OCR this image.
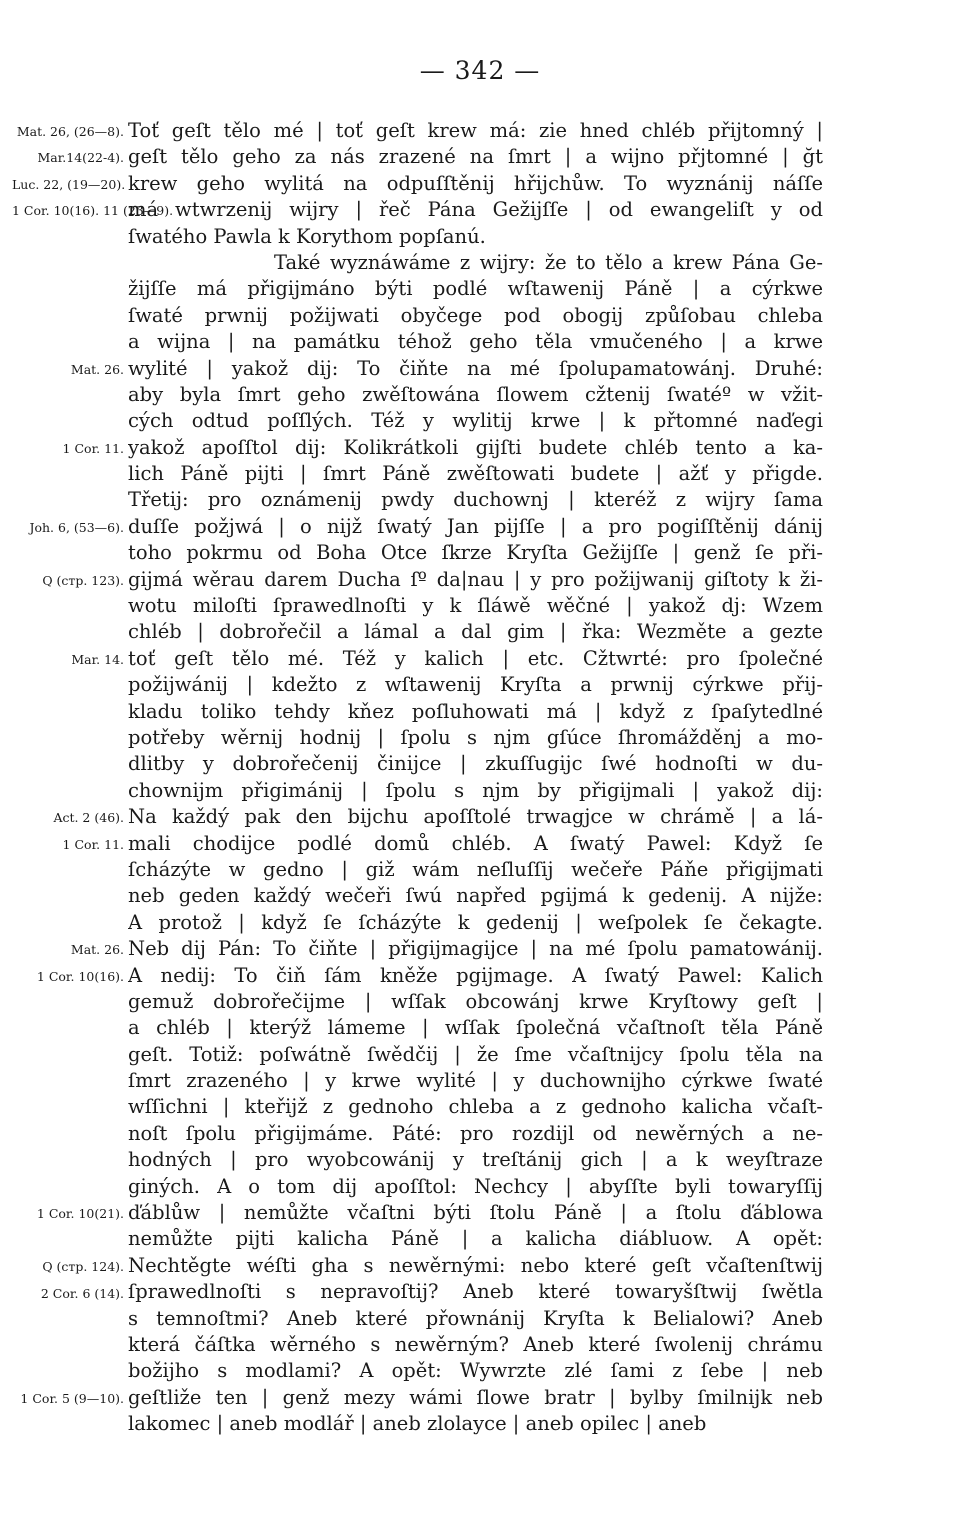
— 342 —
Toť geſt tělo mé | toť geſt krew má: zie hned chléb přijtomný |
geſt tělo geho za nás zrazené na ſmrt | a wijno přjtomné | ğt
krew geho wylitá na odpuſſtěnij hřijchůw. To wyznánij náſſe
má wtwrzenij wijry | řeč Pána Gežijſſe | od ewangeliſt y od
ſwatého Pawla k Korythom popſanú.
Také wyznáwáme z wijry: že to tělo a krew Pána Ge-
žijſſe má přigijmáno býti podlé wſtawenij Páně | a cýrkwe
ſwaté prwnij požijwati obyčege pod obogij způſobau chleba
a wijna | na památku téhož geho těla vmučeného | a krwe
wylité | yakož dij: To čiňte na mé ſpolupamatowánj. Druhé:
aby byla ſmrt geho zwěſtowána ſlowem cžtenij ſwatéº w vžit-
cých odtud poſſlých. Též y wylitij krwe | k přtomné naďegi
yakož apoſſtol dij: Kolikrátkoli gijſti budete chléb tento a ka-
lich Páně pijti | ſmrt Páně zwěſtowati budete | ažť y přigde.
Třetij: pro oznámenij pwdy duchownj | kteréž z wijry ſama
duſſe požjwá | o nijž ſwatý Jan pijſſe | a pro pogiſſtěnij dánij
toho pokrmu od Boha Otce ſkrze Kryſta Gežijſſe | genž ſe při-
gijmá wěrau darem Ducha ſº da|nau | y pro požijwanij giſtoty k ži-
wotu miloſti ſprawedlnoſti y k ſláwě wěčné | yakož dj: Wzem
chléb | dobrořečil a lámal a dal gim | řka: Wezměte a gezte
toť geſt tělo mé. Též y kalich | etc. Cžtwrté: pro ſpolečné
požijwánij | kdežto z wſtawenij Kryſta a prwnij cýrkwe přij-
kladu toliko tehdy kňez poſluhowati má | když z ſpaſytedlné
potřeby wěrnij hodnij | ſpolu s njm gſúce ſhromážděnj a mo-
dlitby y dobrořečenij činijce | zkuſſugijc ſwé hodnoſti w du-
chownijm přigimánij | ſpolu s njm by přigijmali | yakož dij:
Na každý pak den bijchu apoſſtolé trwagjce w chrámě | a lá-
mali chodijce podlé domů chléb. A ſwatý Pawel: Když ſe
ſcházýte w gedno | giž wám neſluſſij wečeře Páňe přigijmati
neb geden každý wečeři ſwú napřed pgijmá k gedenij. A nijže:
A protož | když ſe ſcházýte k gedenij | weſpolek ſe čekagte.
Neb dij Pán: To čiňte | přigijmagijce | na mé ſpolu pamatowánij.
A nedij: To čiň ſám kněže pgijmage. A ſwatý Pawel: Kalich
gemuž dobrořečijme | wſſak obcowánj krwe Kryſtowy geſt |
a chléb | kterýž lámeme | wſſak ſpolečná včaſtnoſt těla Páně
geſt. Totiž: poſwátně ſwědčij | že ſme včaſtnijcy ſpolu těla na
ſmrt zrazeného | y krwe wylité | y duchownijho cýrkwe ſwaté
wſſichni | kteřijž z gednoho chleba a z gednoho kalicha včaſt-
noſt ſpolu přigijmáme. Páté: pro rozdijl od newěrných a ne-
hodných | pro wyobcowánij y treſtánij gich | a k weyſtraze
giných. A o tom dij apoſſtol: Nechcy | abyſſte byli towaryſſij
ďáblůw | nemůžte včaſtni býti ſtolu Páně | a ſtolu ďáblowa
nemůžte pijti kalicha Páně | a kalicha diábluow. A opět:
Nechtěgte wéſti gha s newěrnými: nebo které geſt včaſtenſtwij
ſprawedlnoſti s nepravoſtij? Aneb které towaryšſtwij ſwětla
s temnoſtmi? Aneb které přownánij Kryſta k Belialowi? Aneb
která čáſtka wěrného s newěrným? Aneb které ſwolenij chrámu
božijho s modlami? A opět: Wywrzte zlé ſami z ſebe | neb
geſtliže ten | genž mezy wámi ſlowe bratr | bylby ſmilnijk neb
lakomec | aneb modlář | aneb zlolayce | aneb opilec | aneb
Mat. 26, (26—8).
Mar.14(22-4).
Luc. 22, (19—20).
1 Cor. 10(16). 11 (23—9).
Mat. 26.
1 Cor. 11.
Joh. 6, (53—6).
Q (стр. 123).
Mar. 14.
Act. 2 (46).
1 Cor. 11.
Mat. 26.
1 Cor. 10(16).
1 Cor. 10(21).
Q (стр. 124).
2 Cor. 6 (14).
1 Cor. 5 (9—10).
